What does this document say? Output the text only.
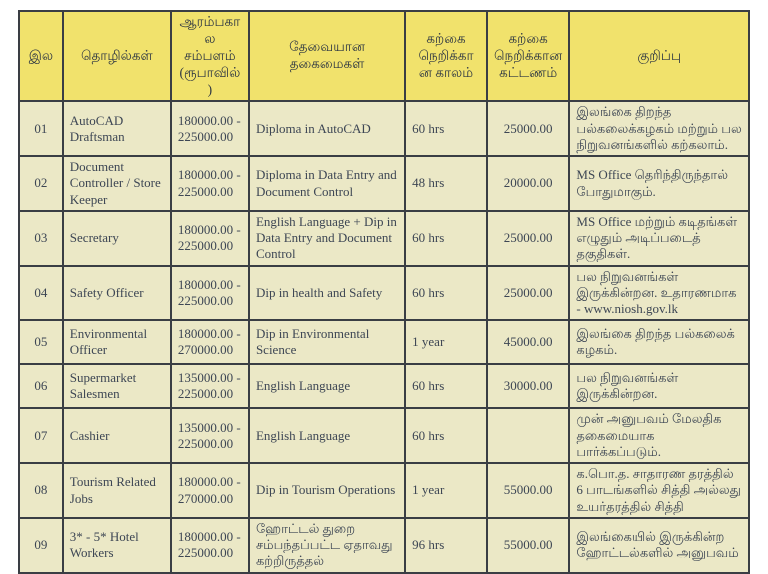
இல	தொழில்கள்	ஆரம்பகால சம்பளம் (ரூபாவில்)	தேவையான தகைமைகள்	கற்கை நெறிக்கான காலம்	கற்கை நெறிக்கான கட்டணம்	குறிப்பு
01	AutoCAD Draftsman	180000.00 - 225000.00	Diploma in AutoCAD	60 hrs	25000.00	இலங்கை திறந்த பல்கலைக்கழகம் மற்றும் பல நிறுவனங்களில் கற்கலாம்.
02	Document Controller / Store Keeper	180000.00 - 225000.00	Diploma in Data Entry and Document Control	48 hrs	20000.00	MS Office தெரிந்திருந்தால் போதுமாகும்.
03	Secretary	180000.00 - 225000.00	English Language + Dip in Data Entry and Document Control	60 hrs	25000.00	MS Office மற்றும் கடிதங்கள் எழுதும் அடிப்படைத் தகுதிகள்.
04	Safety Officer	180000.00 - 225000.00	Dip in health and Safety	60 hrs	25000.00	பல நிறுவனங்கள் இருக்கின்றன. உதாரணமாக - www.niosh.gov.lk
05	Environmental Officer	180000.00 - 270000.00	Dip in Environmental Science	1 year	45000.00	இலங்கை திறந்த பல்கலைக் கழகம்.
06	Supermarket Salesmen	135000.00 - 225000.00	English Language	60 hrs	30000.00	பல நிறுவனங்கள் இருக்கின்றன.
07	Cashier	135000.00 - 225000.00	English Language	60 hrs		முன் அனுபவம் மேலதிக தகைமையாக பார்க்கப்படும்.
08	Tourism Related Jobs	180000.00 - 270000.00	Dip in Tourism Operations	1 year	55000.00	க.பொ.த. சாதாரண தரத்தில் 6 பாடங்களில் சித்தி அல்லது உயர்தரத்தில் சித்தி
09	3* - 5* Hotel Workers	180000.00 - 225000.00	ஹோட்டல் துறை சம்பந்தப்பட்ட ஏதாவது கற்றிருத்தல்	96 hrs	55000.00	இலங்கையில் இருக்கின்ற ஹோட்டல்களில் அனுபவம்
